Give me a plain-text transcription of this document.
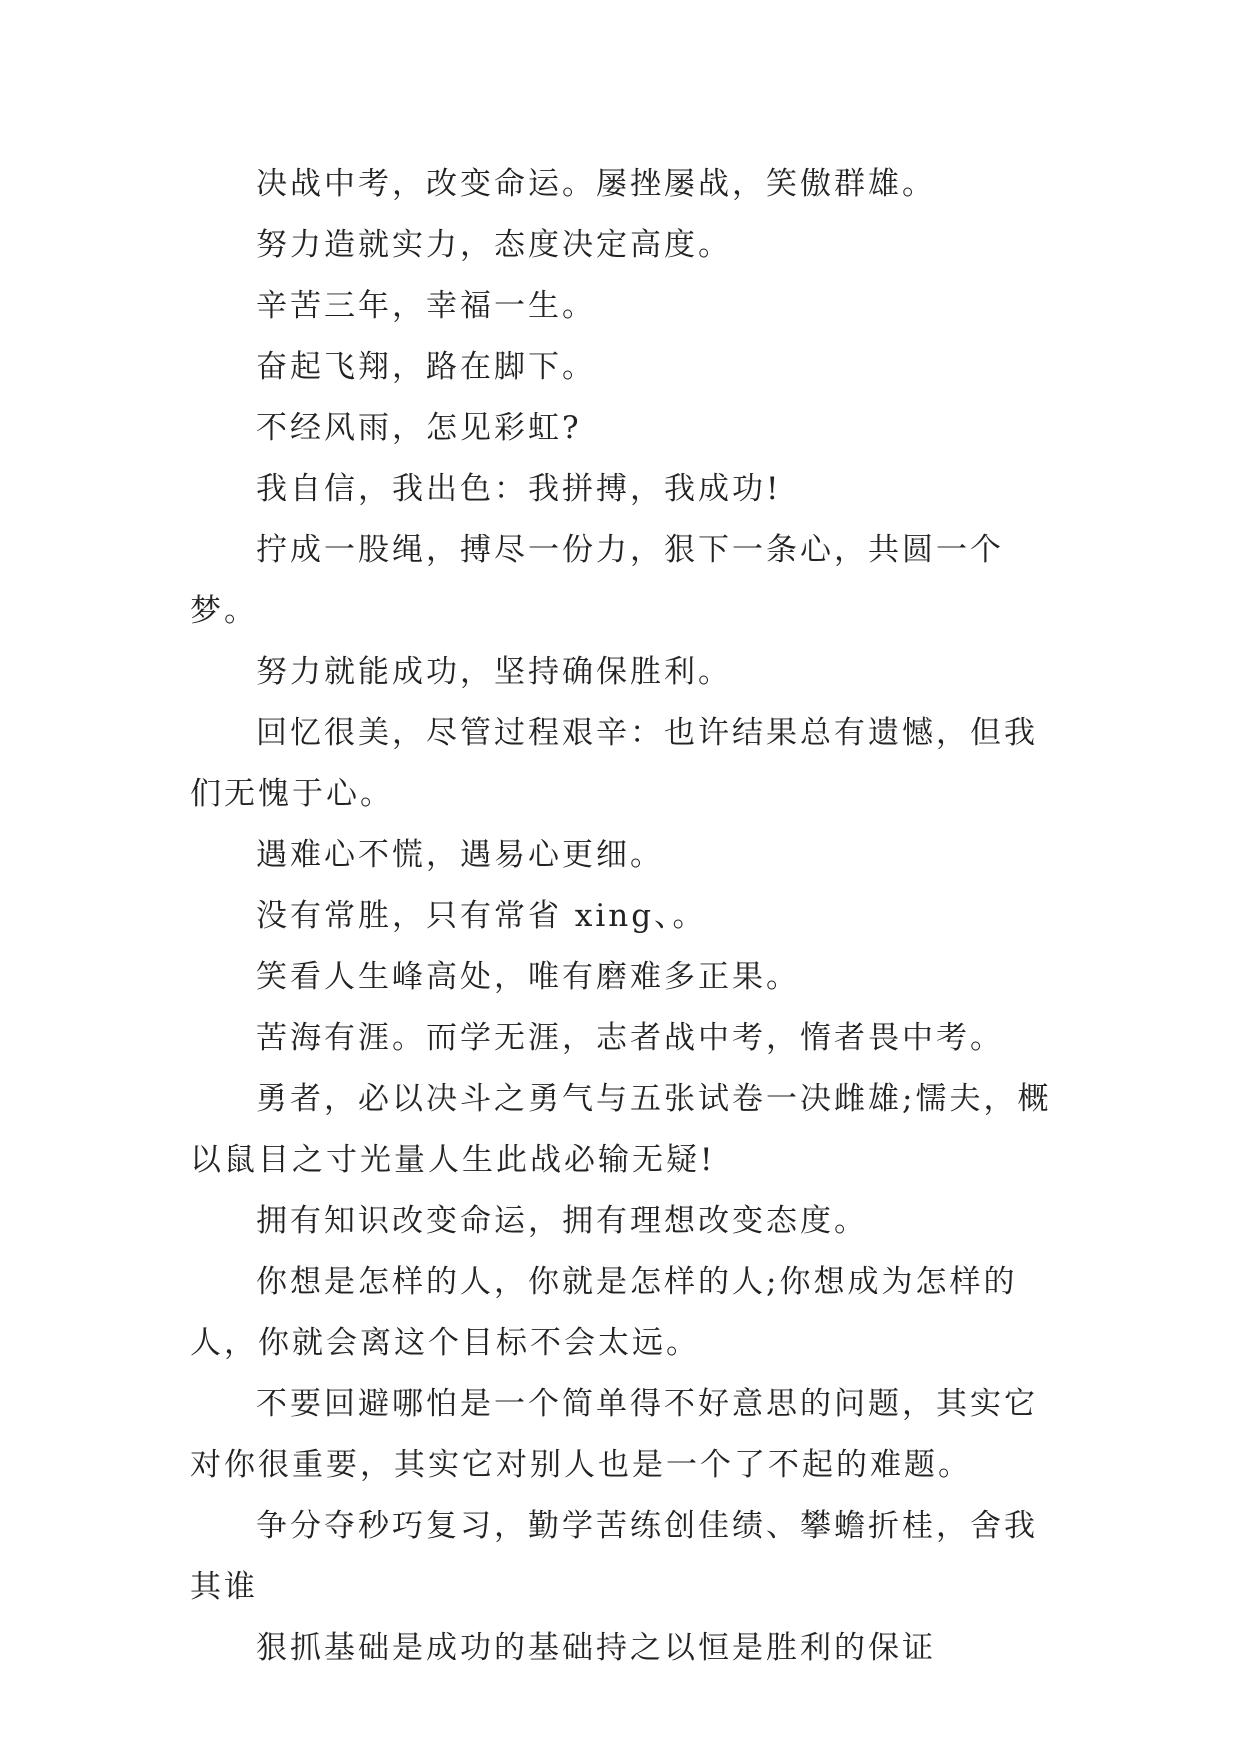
决战中考，改变命运。屡挫屡战，笑傲群雄。

努力造就实力，态度决定高度。

辛苦三年，幸福一生。

奋起飞翔，路在脚下。

不经风雨，怎见彩虹?

我自信，我出色：我拼搏，我成功!

拧成一股绳，搏尽一份力，狠下一条心，共圆一个梦。

努力就能成功，坚持确保胜利。

回忆很美，尽管过程艰辛：也许结果总有遗憾，但我们无愧于心。

遇难心不慌，遇易心更细。

没有常胜，只有常省 xing、。

笑看人生峰高处，唯有磨难多正果。

苦海有涯。而学无涯，志者战中考，惰者畏中考。

勇者，必以决斗之勇气与五张试卷一决雌雄;懦夫，概以鼠目之寸光量人生此战必输无疑!

拥有知识改变命运，拥有理想改变态度。

你想是怎样的人，你就是怎样的人;你想成为怎样的人，你就会离这个目标不会太远。

不要回避哪怕是一个简单得不好意思的问题，其实它对你很重要，其实它对别人也是一个了不起的难题。

争分夺秒巧复习，勤学苦练创佳绩、攀蟾折桂，舍我其谁

狠抓基础是成功的基础持之以恒是胜利的保证
